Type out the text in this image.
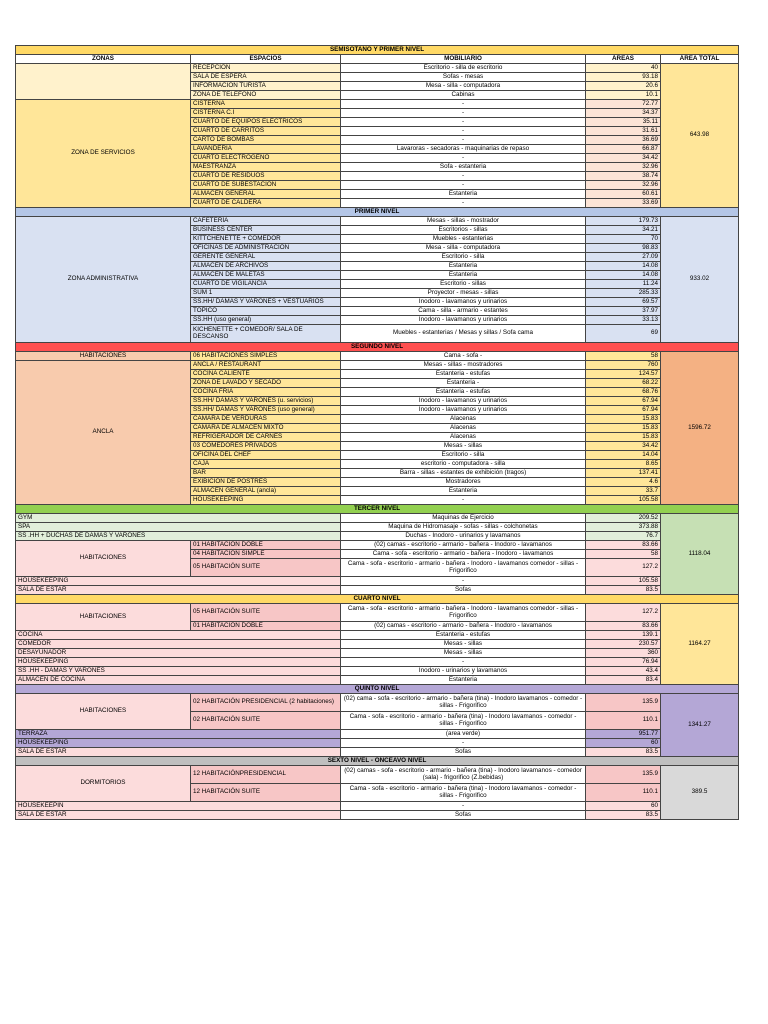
SEMISOTANO Y PRIMER NIVEL				
ZONAS	ESPACIOS	MOBILIARIO	ÁREAS	ÁREA TOTAL
	RECEPCIÓN	Escritorio - silla de escritorio	40	643.98
	SALA DE ESPERA	Sofas - mesas	93.18	
	INFORMACIÓN TURISTA	Mesa - silla - computadora	20.6	
	ZONA DE TELEFONO	Cabinas	10.1	
ZONA DE SERVICIOS	CISTERNA	-	72.77	
	CISTERNA C.I	-	34.37	
	CUARTO DE EQUIPOS ELECTRICOS	-	35.11	
	CUARTO DE CARRITOS	-	31.61	
	CARTO DE BOMBAS	-	36.69	
	LAVANDERIA	Lavaroras - secadoras - maquinarias de repaso	66.87	
	CUARTO ELECTROGENO	-	34.42	
	MAESTRANZA	Sofa - estanteria	32.96	
	CUARTO DE RESIDUOS	-	38.74	
	CUARTO DE SUBESTACIÓN	-	32.96	
	ALMACEN GENERAL	Estanteria	60.61	
	CUARTO DE CALDERA	-	33.69	
PRIMER NIVEL				
ZONA ADMINISTRATIVA	CAFETERÍA	Mesas - sillas - mostrador	179.73	933.02
	BUSINESS CENTER	Escritorios - sillas	34.21	
	KITTCHENETTE + COMEDOR	Muebles - estanterias	70	
	OFICINAS DE ADMINISTRACIÓN	Mesa - silla - computadora	98.83	
	GERENTE GENERAL	Escritorio - silla	27.09	
	ALMACEN DE ARCHIVOS	Estanteria	14.08	
	ALMACEN DE MALETAS	Estanteria	14.08	
	CUARTO DE VIGILANCIA	Escritorio - sillas	11.24	
	SUM 1	Proyector - mesas - sillas	285.33	
	SS.HH/ DAMAS Y VARONES + VESTUARIOS	Inodoro - lavamanos y urinarios	69.57	
	TOPICO	Cama - silla - armario - estantes	37.97	
	SS.HH (uso general)	Inodoro - lavamanos y urinarios	33.13	
	KICHENETTE + COMEDOR/ SALA DE DESCANSO	Muebles - estanterias / Mesas y sillas / Sofa cama	69	
SEGUNDO NIVEL				
HABITACIONES	06 HABITACIONES SIMPLES	Cama - sofa -	58	1596.72
ANCLA	ANCLA / RESTAURANT	Mesas - sillas - mostradores	760	
	COCINA CALIENTE	Estanteria - estufas	124.57	
	ZONA DE LAVADO Y SECADO	Estanteria -	68.22	
	COCINA FRIA	Estanteria - estufas	68.76	
	SS.HH/ DAMAS Y VARONES (u. servicios)	Inodoro - lavamanos y urinarios	67.94	
	SS.HH/ DAMAS Y VARONES (uso general)	Inodoro - lavamanos y urinarios	67.94	
	CAMARA DE VERDURAS	Alacenas	15.83	
	CAMARA DE ALMACEN MIXTO	Alacenas	15.83	
	REFRIGERADOR DE CARNES	Alacenas	15.83	
	03 COMEDORES PRIVADOS	Mesas - sillas	34.42	
	OFICINA DEL CHEF	Escritorio - silla	14.04	
	CAJA	escritorio - computadora - silla	8.65	
	BAR	Barra - sillas - estantes de exhibición (tragos)	137.41	
	EXIBICIÓN DE POSTRES	Mostradores	4.6	
	ALMACEN GENERAL (ancla)	Estanteria	33.7	
	HOUSEKEEPING	-	105.58	
TERCER NIVEL				
GYM		Maquinas de Ejercicio	209.52	1118.04
SPA		Maquina de Hidromasaje - sofas - sillas - colchonetas	373.88	
SS .HH + DUCHAS DE DAMAS Y VARONES		Duchas - Inodoro - urinarios y lavamanos	76.7	
HABITACIONES	01 HABITACIÓN DOBLE	(02) camas - escritorio - armario - bañera - Inodoro - lavamanos	83.66	
	04 HABITACIÓN SIMPLE	Cama - sofa - escritorio - armario - bañera - Inodoro - lavamanos	58	
	05 HABITACIÓN SUITE	Cama - sofa - escritorio - armario - bañera - Inodoro - lavamanos comedor - sillas - Frigorifico	127.2	
HOUSEKEEPING		-	105.58	
SALA DE ESTAR		Sofas	83.5	
CUARTO NIVEL				
HABITACIONES	05 HABITACIÓN SUITE	Cama - sofa - escritorio - armario - bañera - Inodoro - lavamanos comedor - sillas - Frigorifico	127.2	1164.27
	01 HABITACIÓN DOBLE	(02) camas - escritorio - armario - bañera - Inodoro - lavamanos	83.66	
COCINA		Estanteria - estufas	139.1	
COMEDOR		Mesas - sillas	230.57	
DESAYUNADOR		Mesas - sillas	360	
HOUSEKEEPING		-	76.94	
SS .HH - DAMAS Y VARONES		Inodoro - urinarios y lavamanos	43.4	
ALMACEN DE COCINA		Estanteria	83.4	
QUINTO NIVEL				
HABITACIONES	02 HABITACIÓN PRESIDENCIAL (2 habitaciones)	(02) cama - sofa - escritorio - armario - bañera (tina) - Inodoro lavamanos - comedor - sillas - Frigorifico	135.9	1341.27
	02 HABITACIÓN SUITE	Cama - sofa - escritorio - armario - bañera (tina) - Inodoro lavamanos - comedor - sillas - Frigorifico	110.1	
TERRAZA		(area verde)	951.77	
HOUSEKEEPING		-	60	
SALA DE ESTAR		Sofas	83.5	
SEXTO NIVEL - ONCEAVO NIVEL				
DORMITORIOS	12 HABITACIÓNPRESIDENCIAL	(02) camas - sofa - escritorio - armario - bañera (tina) - Inodoro lavamanos - comedor (sala) - frigorifico (Z.bebidas)	135.9	389.5
	12 HABITACIÓN SUITE	Cama - sofa - escritorio - armario - bañera (tina) - Inodoro lavamanos - comedor - sillas - Frigorifico	110.1	
HOUSEKEEPIN		-	60	
SALA DE ESTAR		Sofas	83.5	
